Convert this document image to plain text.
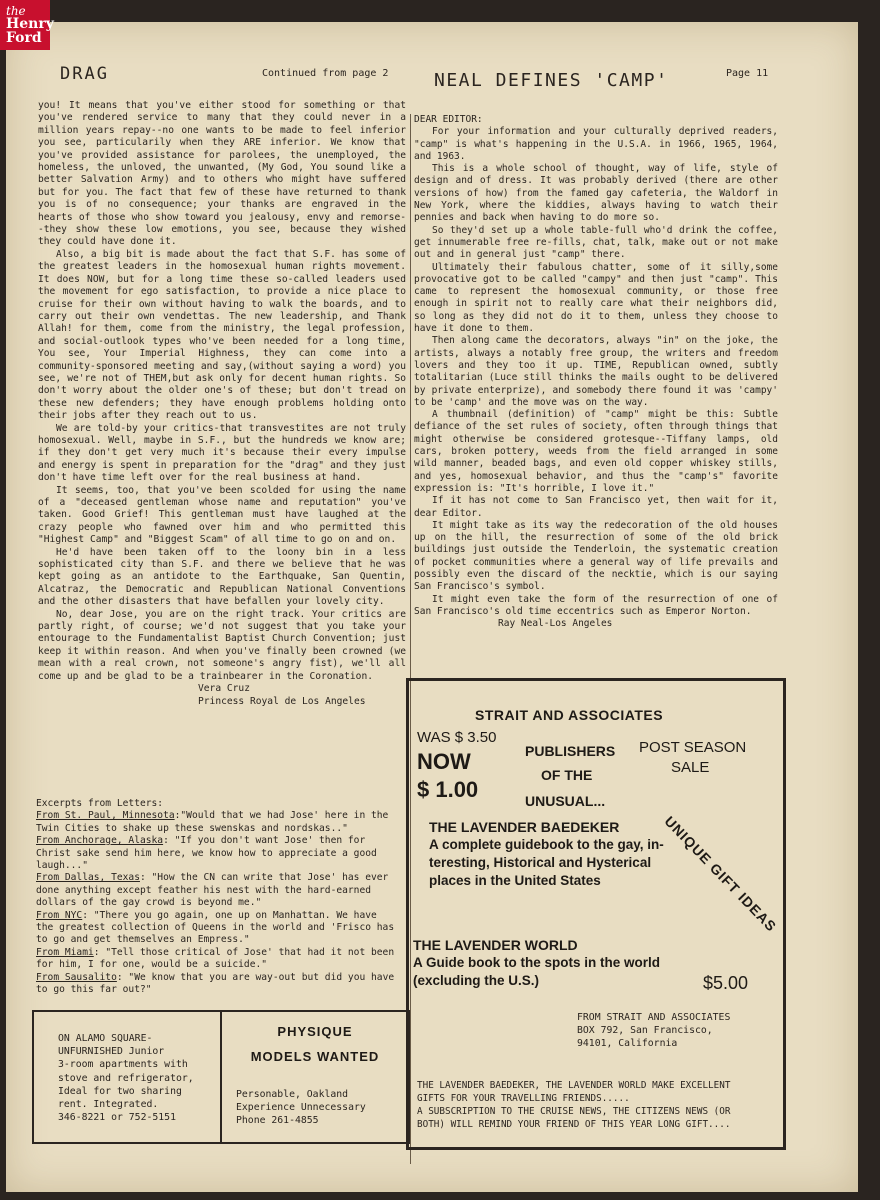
the
Henry
Ford
DRAG	Continued from page 2	NEAL DEFINES 'CAMP'	Page 11

you! It means that you've either stood for something or that you've rendered service to many that they could never in a million years repay--no one wants to be made to feel inferior you see, particularily when they ARE inferior. We know that you've provided assistance for parolees, the unemployed, the homeless, the unloved, the unwanted, (My God, You sound like a better Salvation Army) and to others who might have suffered but for you. The fact that few of these have returned to thank you is of no consequence; your thanks are engraved in the hearts of those who show toward you jealousy, envy and remorse--they show these low emotions, you see, because they wished they could have done it.

Also, a big bit is made about the fact that S.F. has some of the greatest leaders in the homosexual human rights movement. It does NOW, but for a long time these so-called leaders used the movement for ego satisfaction, to provide a nice place to cruise for their own without having to walk the boards, and to carry out their own vendettas. The new leadership, and Thank Allah! for them, come from the ministry, the legal profession, and social-outlook types who've been needed for a long time, You see, Your Imperial Highness, they can come into a community-sponsored meeting and say,(without saying a word) you see, we're not of THEM,but ask only for decent human rights. So don't worry about the older one's of these; but don't tread on these new defenders; they have enough problems holding onto their jobs after they reach out to us.

We are told-by your critics-that transvestites are not truly homosexual. Well, maybe in S.F., but the hundreds we know are; if they don't get very much it's because their every impulse and energy is spent in preparation for the "drag" and they just don't have time left over for the real business at hand.

It seems, too, that you've been scolded for using the name of a "deceased gentleman whose name and reputation" you've taken. Good Grief! This gentleman must have laughed at the crazy people who fawned over him and who permitted this "Highest Camp" and "Biggest Scam" of all time to go on and on.

He'd have been taken off to the loony bin in a less sophisticated city than S.F. and there we believe that he was kept going as an antidote to the Earthquake, San Quentin, Alcatraz, the Democratic and Republican National Conventions and the other disasters that have befallen your lovely city.

No, dear Jose, you are on the right track. Your critics are partly right, of course; we'd not suggest that you take your entourage to the Fundamentalist Baptist Church Convention; just keep it within reason. And when you've finally been crowned (we mean with a real crown, not someone's angry fist), we'll all come up and be glad to be a trainbearer in the Coronation.

Vera Cruz

Princess Royal de Los Angeles

Excerpts from Letters:

From St. Paul, Minnesota:"Would that we had Jose' here in the Twin Cities to shake up these swenskas and nordskas.."

From Anchorage, Alaska: "If you don't want Jose' then for Christ sake send him here, we know how to appreciate a good laugh..."

From Dallas, Texas: "How the CN can write that Jose' has ever done anything except feather his nest with the hard-earned dollars of the gay crowd is beyond me."

From NYC: "There you go again, one up on Manhattan. We have the greatest collection of Queens in the world and 'Frisco has to go and get themselves an Empress."

From Miami: "Tell those critical of Jose' that had it not been for him, I for one, would be a suicide."

From Sausalito: "We know that you are way-out but did you have to go this far out?"

ON ALAMO SQUARE-
UNFURNISHED Junior
3-room apartments with
stove and refrigerator,
Ideal for two sharing
rent. Integrated.
346-8221 or 752-5151
PHYSIQUE
MODELS WANTED
Personable, Oakland
Experience Unnecessary
Phone 261-4855

DEAR EDITOR:

For your information and your culturally deprived readers, "camp" is what's happening in the U.S.A. in 1966, 1965, 1964, and 1963.

This is a whole school of thought, way of life, style of design and of dress. It was probably derived (there are other versions of how) from the famed gay cafeteria, the Waldorf in New York, where the kiddies, always having to watch their pennies and back when having to do more so.

So they'd set up a whole table-full who'd drink the coffee, get innumerable free re-fills, chat, talk, make out or not make out and in general just "camp" there.

Ultimately their fabulous chatter, some of it silly,some provocative got to be called "campy" and then just "camp". This came to represent the homosexual community, or those free enough in spirit not to really care what their neighbors did, so long as they did not do it to them, unless they choose to have it done to them.

Then along came the decorators, always "in" on the joke, the artists, always a notably free group, the writers and freedom lovers and they too it up. TIME, Republican owned, subtly totalitarian (Luce still thinks the mails ought to be delivered by private enterprize), and somebody there found it was 'campy' to be 'camp' and the move was on the way.

A thumbnail (definition) of "camp" might be this: Subtle defiance of the set rules of society, often through things that might otherwise be considered grotesque--Tiffany lamps, old cars, broken pottery, weeds from the field arranged in some wild manner, beaded bags, and even old copper whiskey stills, and yes, homosexual behavior, and thus the "camp's" favorite expression is: "It's horrible, I love it."

If it has not come to San Francisco yet, then wait for it, dear Editor.

It might take as its way the redecoration of the old houses up on the hill, the resurrection of some of the old brick buildings just outside the Tenderloin, the systematic creation of pocket communities where a general way of life prevails and possibly even the discard of the necktie, which is our saying San Francisco's symbol.

It might even take the form of the resurrection of one of San Francisco's old time eccentrics such as Emperor Norton.

Ray Neal-Los Angeles

STRAIT AND ASSOCIATES
WAS $ 3.50
NOW
$ 1.00
PUBLISHERS
OF THE
UNUSUAL...
POST SEASON
SALE
UNIQUE GIFT IDEAS
THE LAVENDER BAEDEKER
A complete guidebook to the gay, in-
teresting, Historical and Hysterical
places in the United States
THE LAVENDER WORLD
A Guide book to the spots in the world
(excluding the U.S.)	$5.00
FROM STRAIT AND ASSOCIATES
BOX 792, San Francisco,
94101, California
THE LAVENDER BAEDEKER, THE LAVENDER WORLD MAKE EXCELLENT
GIFTS FOR YOUR TRAVELLING FRIENDS.....
A SUBSCRIPTION TO THE CRUISE NEWS, THE CITIZENS NEWS (OR
BOTH) WILL REMIND YOUR FRIEND OF THIS YEAR LONG GIFT....
